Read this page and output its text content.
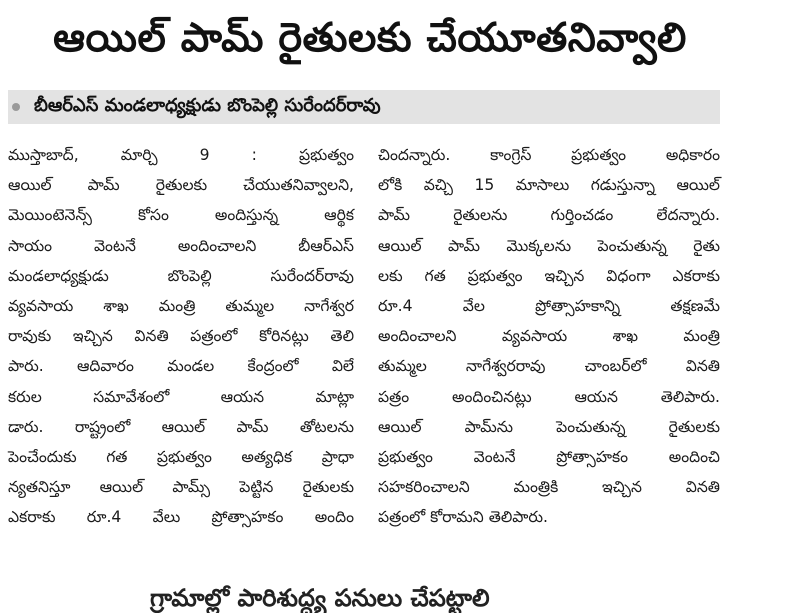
ఆయిల్ పామ్ రైతులకు చేయూతనివ్వాలి
బీఆర్ఎస్ మండలాధ్యక్షుడు బొంపెల్లి సురేందర్‌రావు
ముస్తాబాద్, మార్చి 9 : ప్రభుత్వం
ఆయిల్ పామ్ రైతులకు చేయుతనివ్వాలని,
మెయింటెనెన్స్ కోసం అందిస్తున్న ఆర్థిక
సాయం వెంటనే అందించాలని బీఆర్ఎస్
మండలాధ్యక్షుడు బొంపెల్లి సురేందర్‌రావు
వ్యవసాయ శాఖ మంత్రి తుమ్మల నాగేశ్వర
రావుకు ఇచ్చిన వినతి పత్రంలో కోరినట్లు తెలి
పారు. ఆదివారం మండల కేంద్రంలో విలే
కరుల సమావేశంలో ఆయన మాట్లా
డారు. రాష్ట్రంలో ఆయిల్ పామ్ తోటలను
పెంచేందుకు గత ప్రభుత్వం అత్యధిక ప్రాధా
న్యతనిస్తూ ఆయిల్ పామ్స్ పెట్టిన రైతులకు
ఎకరాకు రూ.4 వేలు ప్రోత్సాహకం అందిం
చిందన్నారు. కాంగ్రెస్ ప్రభుత్వం అధికారం
లోకి వచ్చి 15 మాసాలు గడుస్తున్నా ఆయిల్
పామ్ రైతులను గుర్తించడం లేదన్నారు.
ఆయిల్ పామ్ మొక్కలను పెంచుతున్న రైతు
లకు గత ప్రభుత్వం ఇచ్చిన విధంగా ఎకరాకు
రూ.4 వేల ప్రోత్సాహకాన్ని తక్షణమే
అందించాలని వ్యవసాయ శాఖ మంత్రి
తుమ్మల నాగేశ్వరరావు చాంబర్‌లో వినతి
పత్రం అందించినట్లు ఆయన తెలిపారు.
ఆయిల్ పామ్‌ను పెంచుతున్న రైతులకు
ప్రభుత్వం వెంటనే ప్రోత్సాహకం అందించి
సహకరించాలని మంత్రికి ఇచ్చిన వినతి
పత్రంలో కోరామని తెలిపారు.
గ్రామాల్లో పారిశుద్ధ్య పనులు చేపట్టాలి
